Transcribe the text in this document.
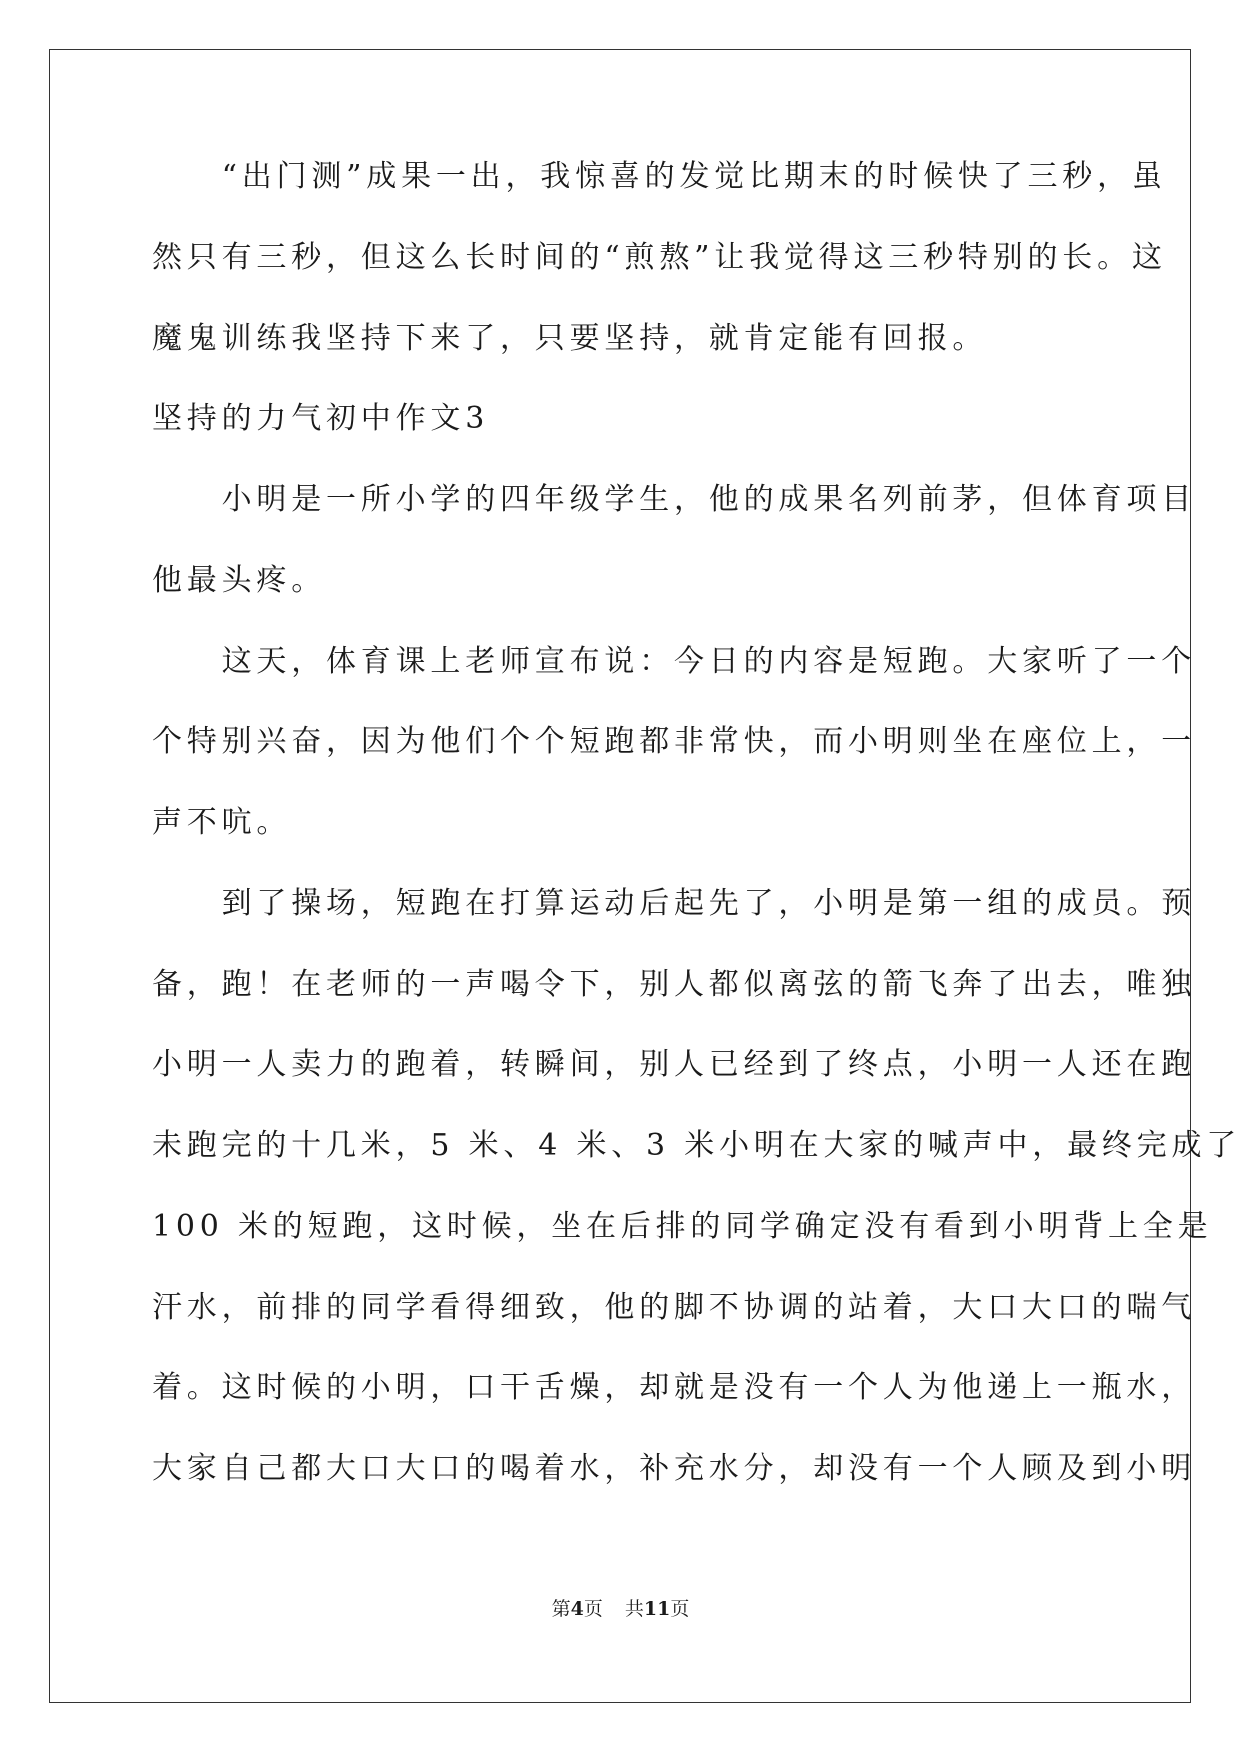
　　“出门测”成果一出，我惊喜的发觉比期末的时候快了三秒，虽
然只有三秒，但这么长时间的“煎熬”让我觉得这三秒特别的长。这
魔鬼训练我坚持下来了，只要坚持，就肯定能有回报。
坚持的力气初中作文3
　　小明是一所小学的四年级学生，他的成果名列前茅，但体育项目
他最头疼。
　　这天，体育课上老师宣布说：今日的内容是短跑。大家听了一个
个特别兴奋，因为他们个个短跑都非常快，而小明则坐在座位上，一
声不吭。
　　到了操场，短跑在打算运动后起先了，小明是第一组的成员。预
备，跑！在老师的一声喝令下，别人都似离弦的箭飞奔了出去，唯独
小明一人卖力的跑着，转瞬间，别人已经到了终点，小明一人还在跑
未跑完的十几米，5 米、4 米、3 米小明在大家的喊声中，最终完成了
100 米的短跑，这时候，坐在后排的同学确定没有看到小明背上全是
汗水，前排的同学看得细致，他的脚不协调的站着，大口大口的喘气
着。这时候的小明，口干舌燥，却就是没有一个人为他递上一瓶水，
大家自己都大口大口的喝着水，补充水分，却没有一个人顾及到小明
第4页 共11页
